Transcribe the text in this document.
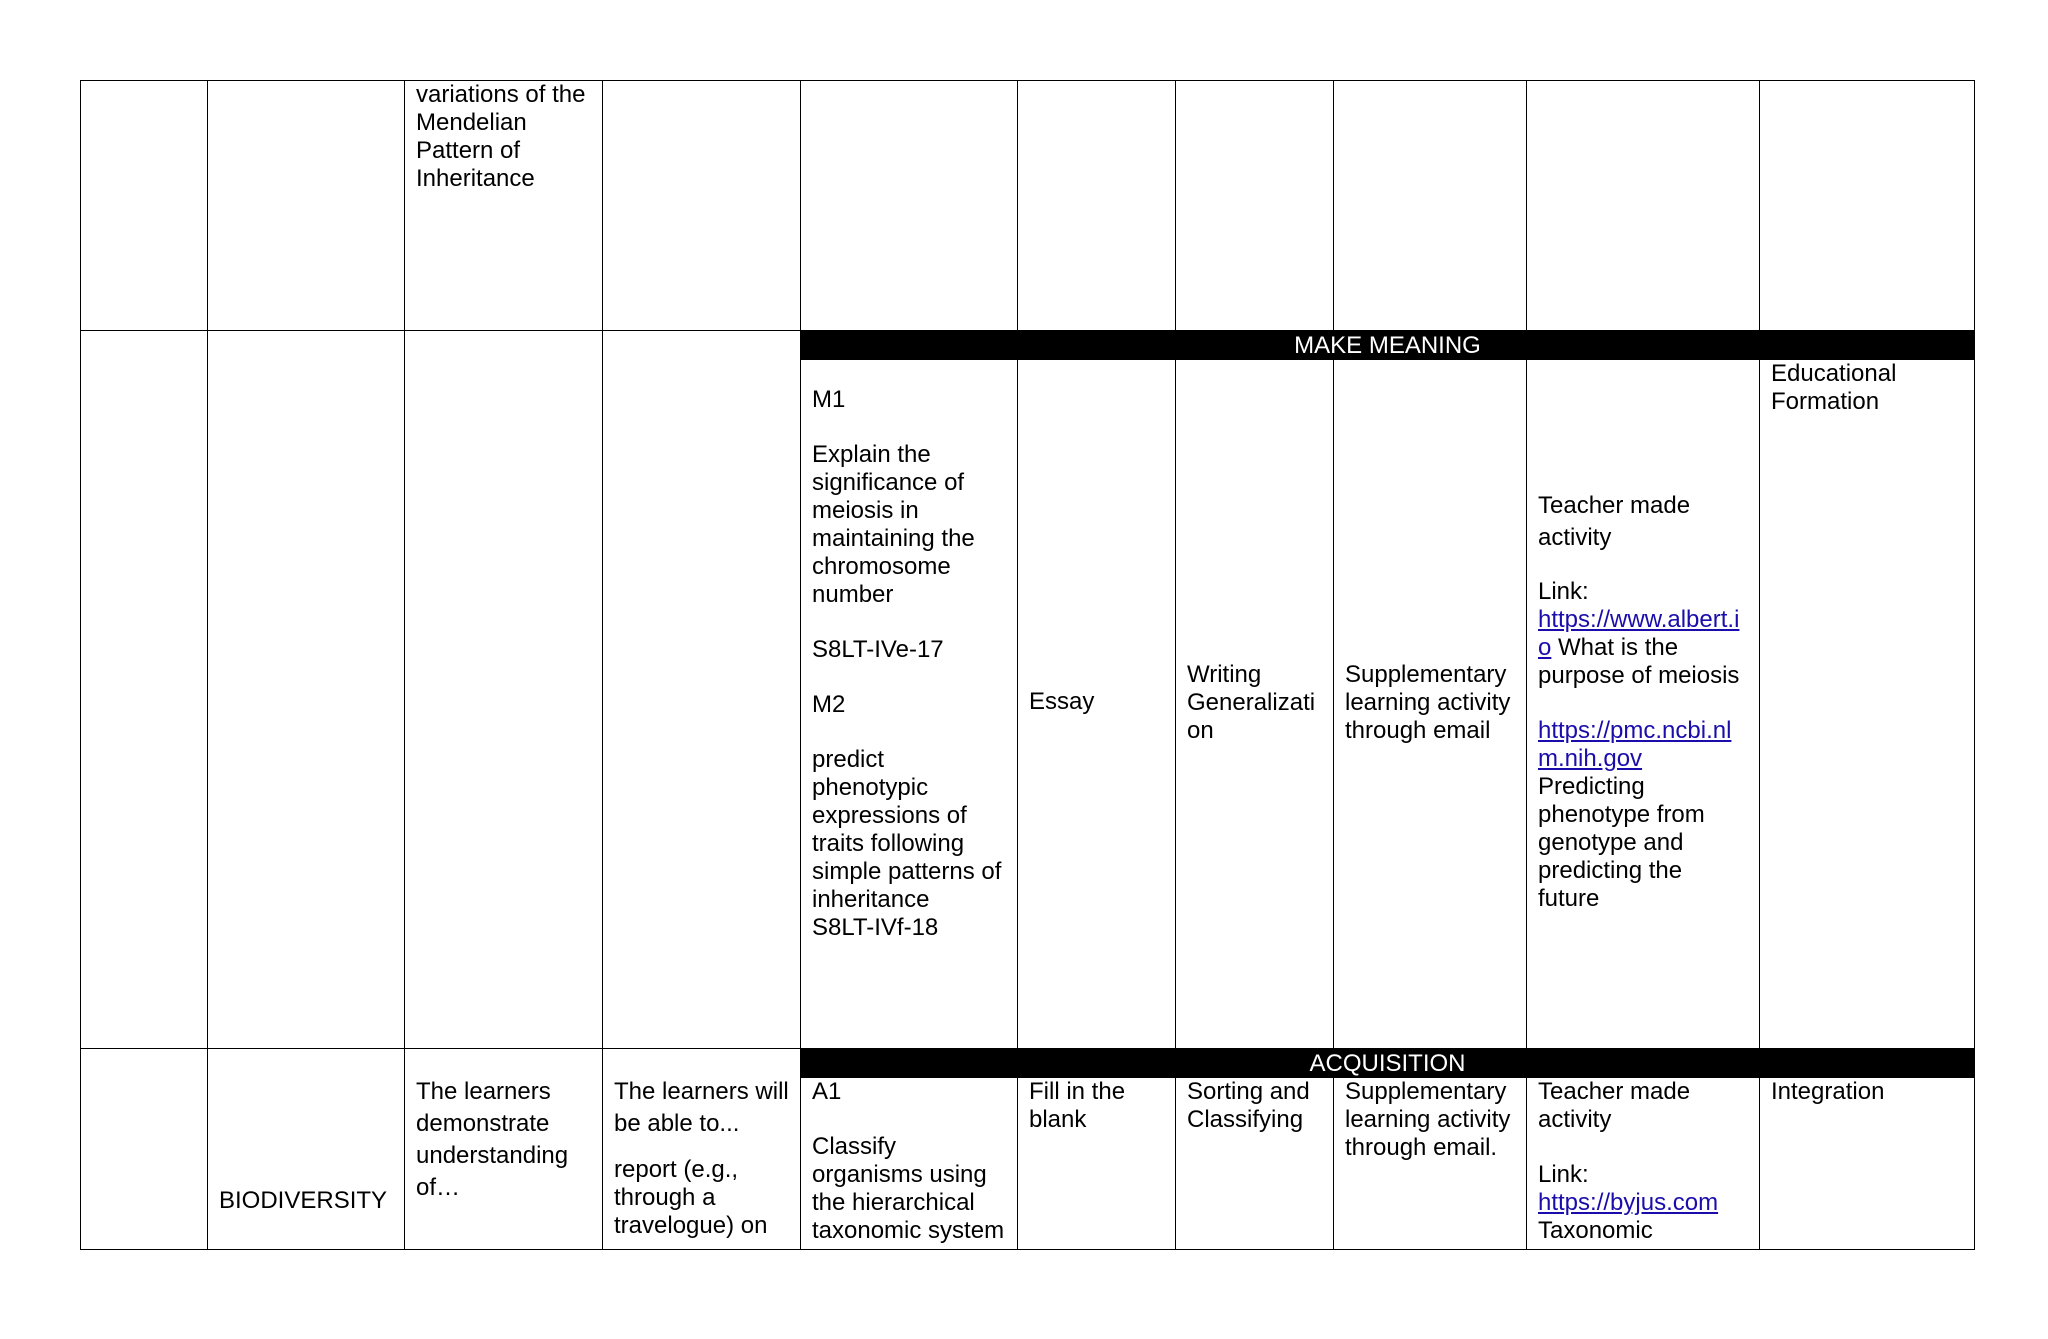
variations of the Mendelian Pattern of Inheritance

MAKE MEANING

M1

Explain the significance of meiosis in maintaining the chromosome number

S8LT-IVe-17

M2

predict phenotypic expressions of traits following simple patterns of inheritance

S8LT-IVf-18

Essay

Writing Generalizati on

Supplementary learning activity through email

Teacher made activity

Link:

https://www.albert.io What is the purpose of meiosis

https://pmc.ncbi.nlm.nih.gov

Predicting phenotype from genotype and predicting the future

Educational Formation

BIODIVERSITY

The learners demonstrate understanding of…

The learners will be able to...

report (e.g., through a travelogue) on

ACQUISITION

A1

Classify organisms using the hierarchical taxonomic system

Fill in the blank

Sorting and Classifying

Supplementary learning activity through email.

Teacher made activity

Link:

https://byjus.com

Taxonomic

Integration
